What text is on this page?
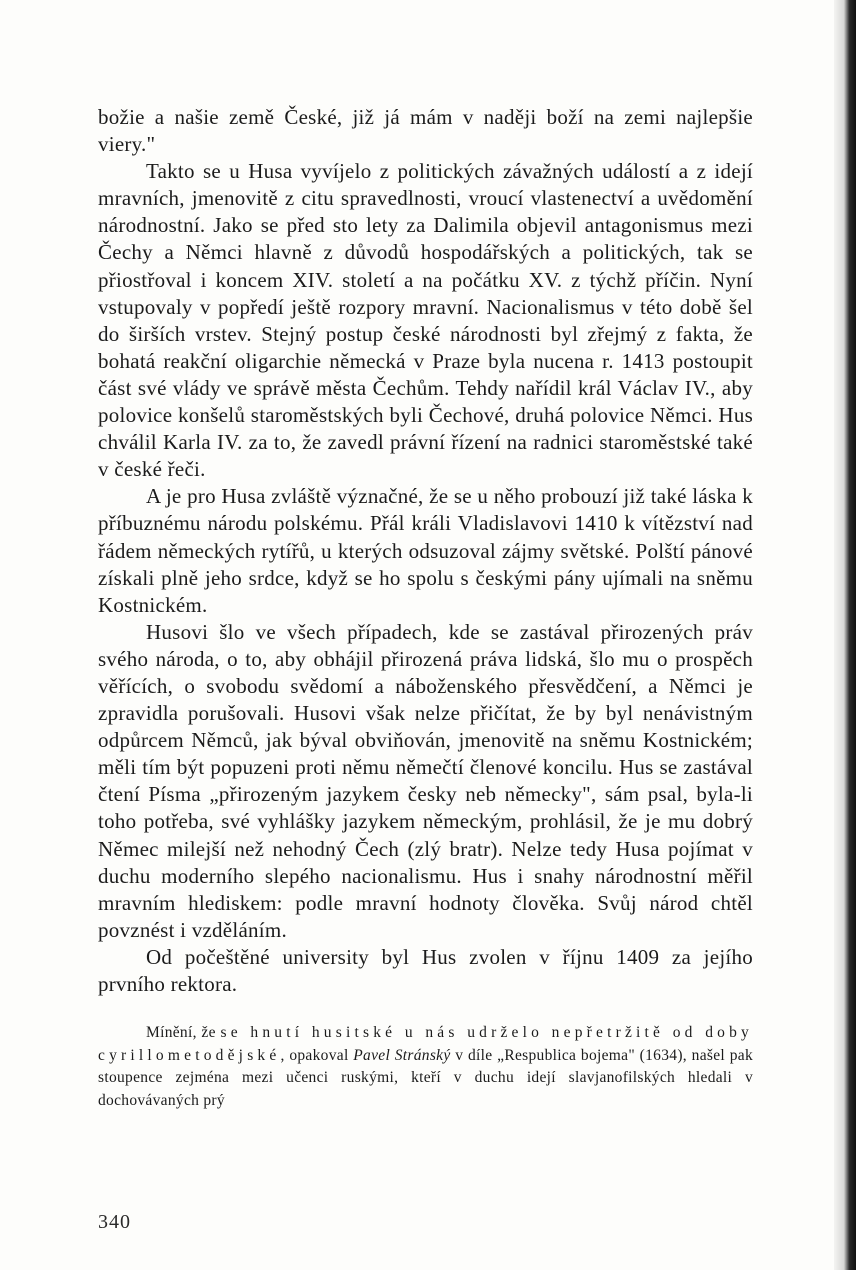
božie a našie země České, již já mám v naději boží na zemi najlepšie viery."

Takto se u Husa vyvíjelo z politických závažných událostí a z idejí mravních, jmenovitě z citu spravedlnosti, vroucí vlastenectví a uvědomění národnostní. Jako se před sto lety za Dalimila objevil antagonismus mezi Čechy a Němci hlavně z důvodů hospodářských a politických, tak se přiostřoval i koncem XIV. století a na počátku XV. z týchž příčin. Nyní vstupovaly v popředí ještě rozpory mravní. Nacionalismus v této době šel do širších vrstev. Stejný postup české národnosti byl zřejmý z fakta, že bohatá reakční oligarchie německá v Praze byla nucena r. 1413 postoupit část své vlády ve správě města Čechům. Tehdy nařídil král Václav IV., aby polovice konšelů staroměstských byli Čechové, druhá polovice Němci. Hus chválil Karla IV. za to, že zavedl právní řízení na radnici staroměstské také v české řeči.

A je pro Husa zvláště význačné, že se u něho probouzí již také láska k příbuznému národu polskému. Přál králi Vladislavovi 1410 k vítězství nad řádem německých rytířů, u kterých odsuzoval zájmy světské. Polští pánové získali plně jeho srdce, když se ho spolu s českými pány ujímali na sněmu Kostnickém.

Husovi šlo ve všech případech, kde se zastával přirozených práv svého národa, o to, aby obhájil přirozená práva lidská, šlo mu o prospěch věřících, o svobodu svědomí a náboženského přesvědčení, a Němci je zpravidla porušovali. Husovi však nelze přičítat, že by byl nenávistným odpůrcem Němců, jak býval obviňován, jmenovitě na sněmu Kostnickém; měli tím být popuzeni proti němu němečtí členové koncilu. Hus se zastával čtení Písma „přirozeným jazykem česky neb německy", sám psal, byla-li toho potřeba, své vyhlášky jazykem německým, prohlásil, že je mu dobrý Němec milejší než nehodný Čech (zlý bratr). Nelze tedy Husa pojímat v duchu moderního slepého nacionalismu. Hus i snahy národnostní měřil mravním hlediskem: podle mravní hodnoty člověka. Svůj národ chtěl povznést i vzděláním.

Od počeštěné university byl Hus zvolen v říjnu 1409 za jejího prvního rektora.

Mínění, že se hnutí husitské u nás udrželo nepřetržitě od doby cyrillometodějské, opakoval Pavel Stránský v díle „Respublica bojema" (1634), našel pak stoupence zejména mezi učenci ruskými, kteří v duchu idejí slavjanofilských hledali v dochovávaných prý

340
